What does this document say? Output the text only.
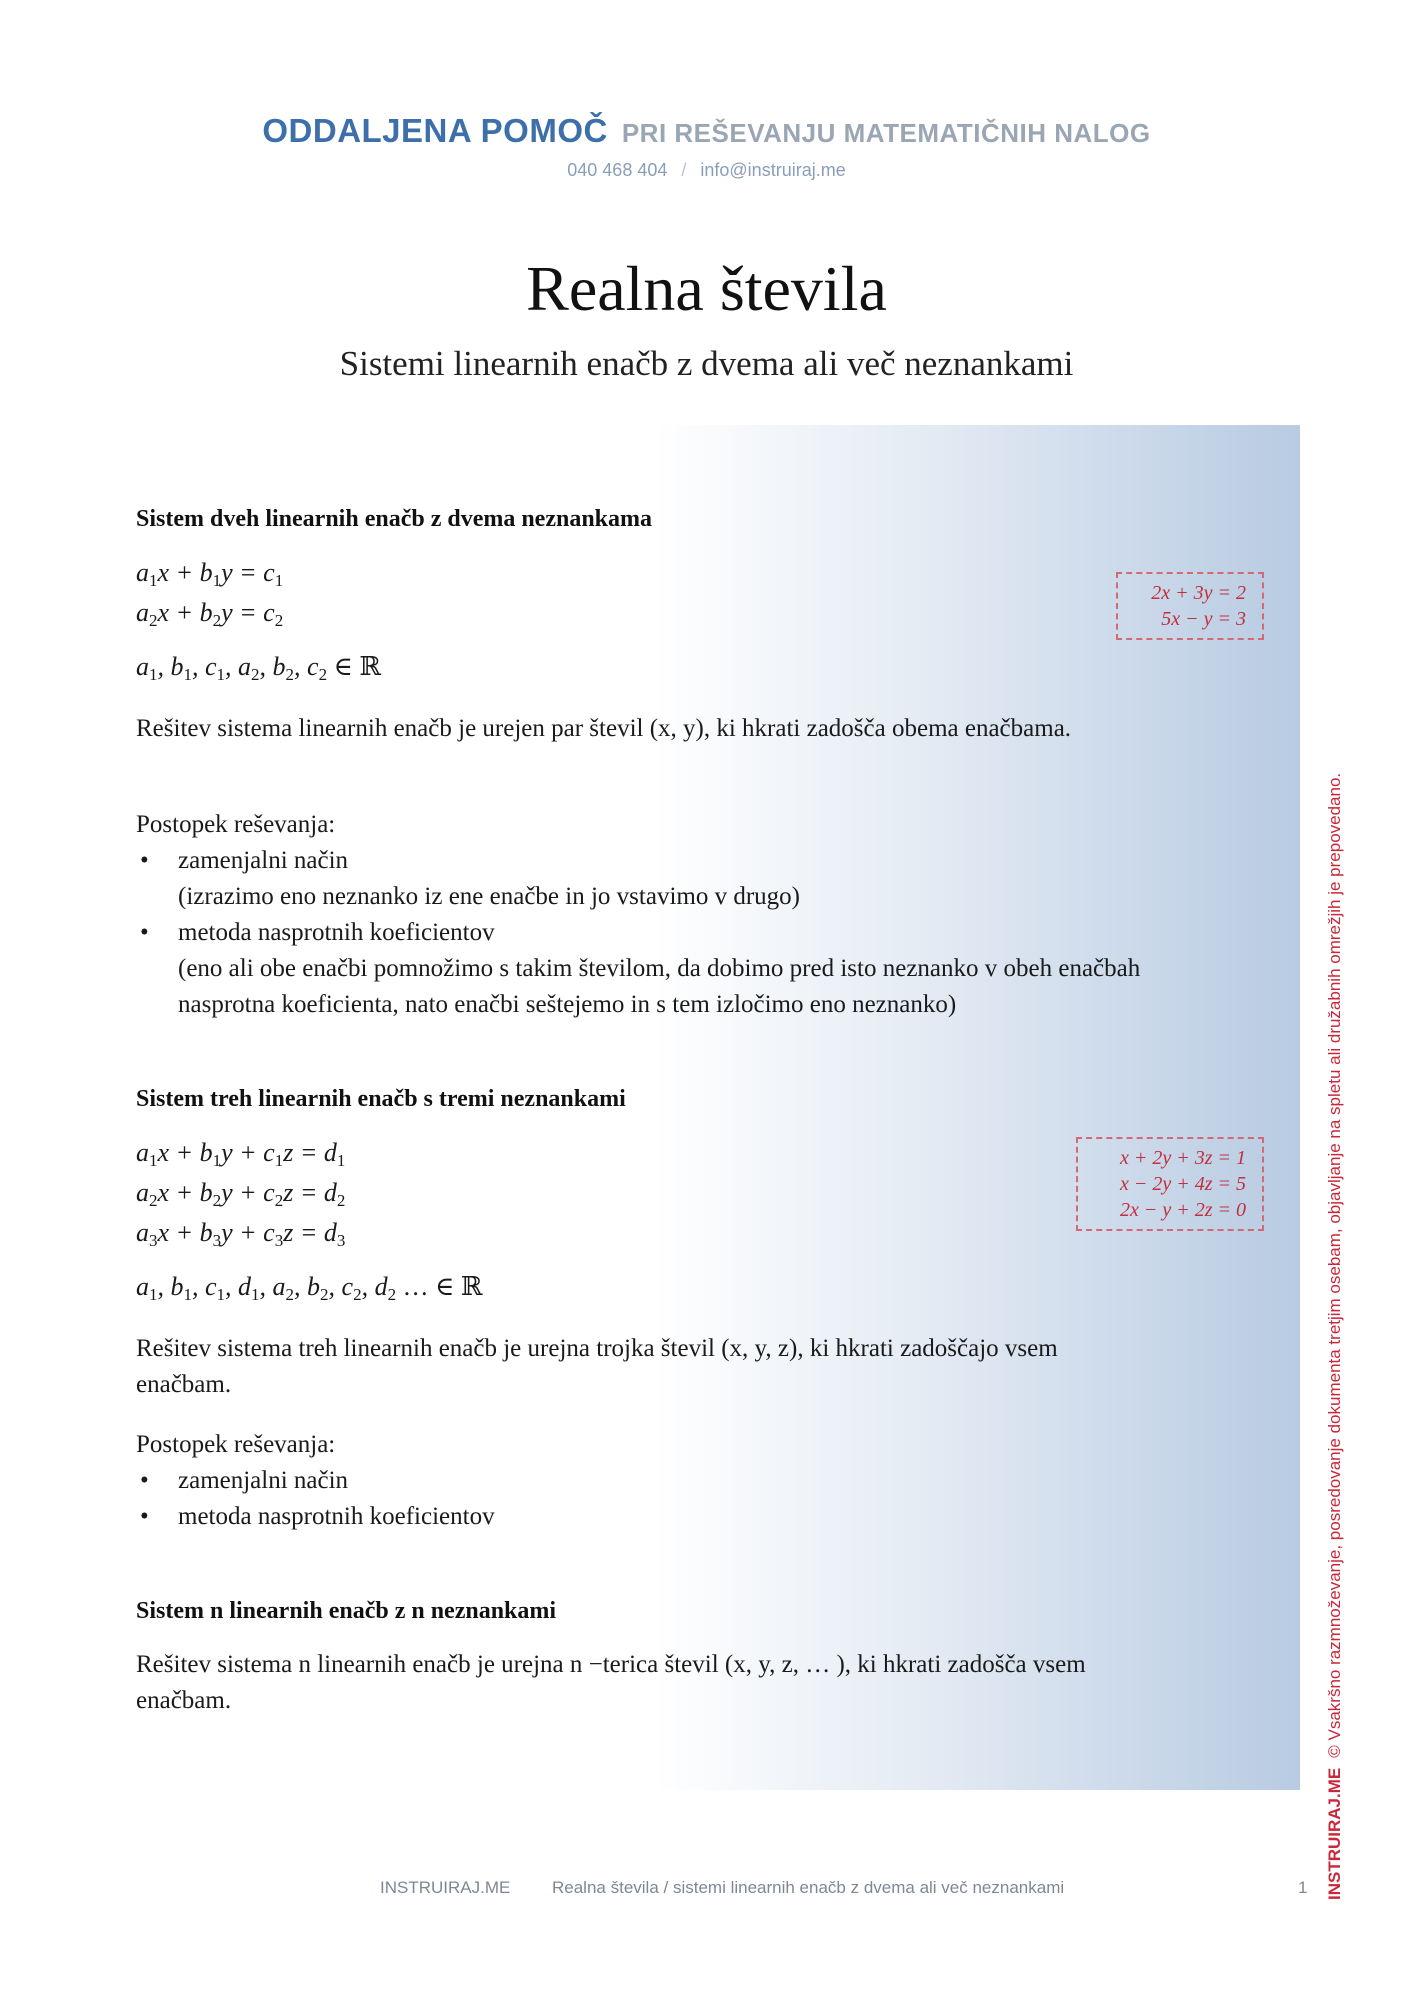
ODDALJENA POMOČ PRI REŠEVANJU MATEMATIČNIH NALOG
040 468 404 / info@instruiraj.me
Realna števila
Sistemi linearnih enačb z dvema ali več neznankami
Sistem dveh linearnih enačb z dvema neznankama
$a_1x + b_1y = c_1$
$a_2x + b_2y = c_2$
$a_1$, $b_1$, $c_1$, $a_2$, $b_2$, $c_2$ ∈ ℝ
2x + 3y = 2
5x − y = 3
Rešitev sistema linearnih enačb je urejen par števil (x, y), ki hkrati zadošča obema enačbama.
Postopek reševanja:
• zamenjalni način
(izrazimo eno neznanko iz ene enačbe in jo vstavimo v drugo)
• metoda nasprotnih koeficientov
(eno ali obe enačbi pomnožimo s takim številom, da dobimo pred isto neznanko v obeh enačbah nasprotna koeficienta, nato enačbi seštejemo in s tem izločimo eno neznanko)
Sistem treh linearnih enačb s tremi neznankami
$a_1x + b_1y + c_1z = d_1$
$a_2x + b_2y + c_2z = d_2$
$a_3x + b_3y + c_3z = d_3$
$a_1$, $b_1$, $c_1$, $d_1$, $a_2$, $b_2$, $c_2$, $d_2$ … ∈ ℝ
x + 2y + 3z = 1
x − 2y + 4z = 5
2x − y + 2z = 0
Rešitev sistema treh linearnih enačb je urejna trojka števil (x, y, z), ki hkrati zadoščajo vsem enačbam.
Postopek reševanja:
• zamenjalni način
• metoda nasprotnih koeficientov
Sistem n linearnih enačb z n neznankami
Rešitev sistema n linearnih enačb je urejna n −terica števil (x, y, z, … ), ki hkrati zadošča vsem enačbam.
INSTRUIRAJ.ME Realna števila / sistemi linearnih enačb z dvema ali več neznankami	1 INSTRUIRAJ.ME© Vsakršno razmnoževanje, posredovanje dokumenta tretjim osebam, objavljanje na spletu ali družabnih omrežjih je prepovedano.
